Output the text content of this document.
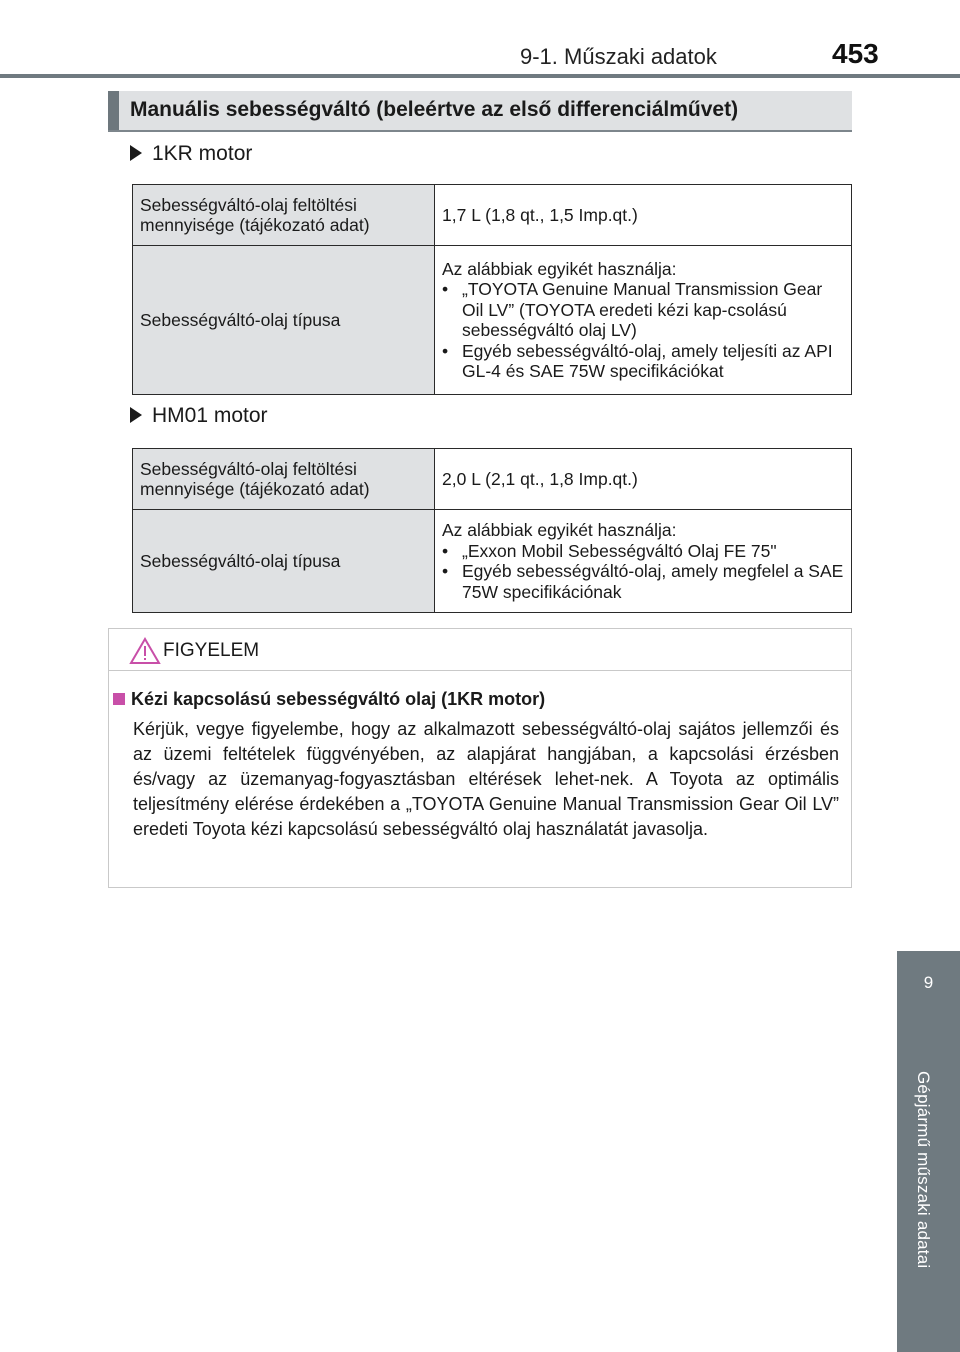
9-1. Műszaki adatok	453
Manuális sebességváltó (beleértve az első differenciálművet)
1KR motor
Sebességváltó-olaj feltöltési mennyisége (tájékozató adat)	1,7 L (1,8 qt., 1,5 Imp.qt.)
Sebességváltó-olaj típusa	Az alábbiak egyikét használja:
• „TOYOTA Genuine Manual Transmission Gear Oil LV” (TOYOTA eredeti kézi kap-csolású sebességváltó olaj LV)
• Egyéb sebességváltó-olaj, amely teljesíti az API GL-4 és SAE 75W specifikációkat
HM01 motor
Sebességváltó-olaj feltöltési mennyisége (tájékozató adat)	2,0 L (2,1 qt., 1,8 Imp.qt.)
Sebességváltó-olaj típusa	Az alábbiak egyikét használja:
• „Exxon Mobil Sebességváltó Olaj FE 75"
• Egyéb sebességváltó-olaj, amely megfelel a SAE 75W specifikációnak
FIGYELEM
Kézi kapcsolású sebességváltó olaj (1KR motor)
Kérjük, vegye figyelembe, hogy az alkalmazott sebességváltó-olaj sajátos jellemzői és az üzemi feltételek függvényében, az alapjárat hangjában, a kapcsolási érzésben és/vagy az üzemanyag-fogyasztásban eltérések lehet-nek. A Toyota az optimális teljesítmény elérése érdekében a „TOYOTA Genuine Manual Transmission Gear Oil LV” eredeti Toyota kézi kapcsolású sebességváltó olaj használatát javasolja.
9
Gépjármű műszaki adatai
